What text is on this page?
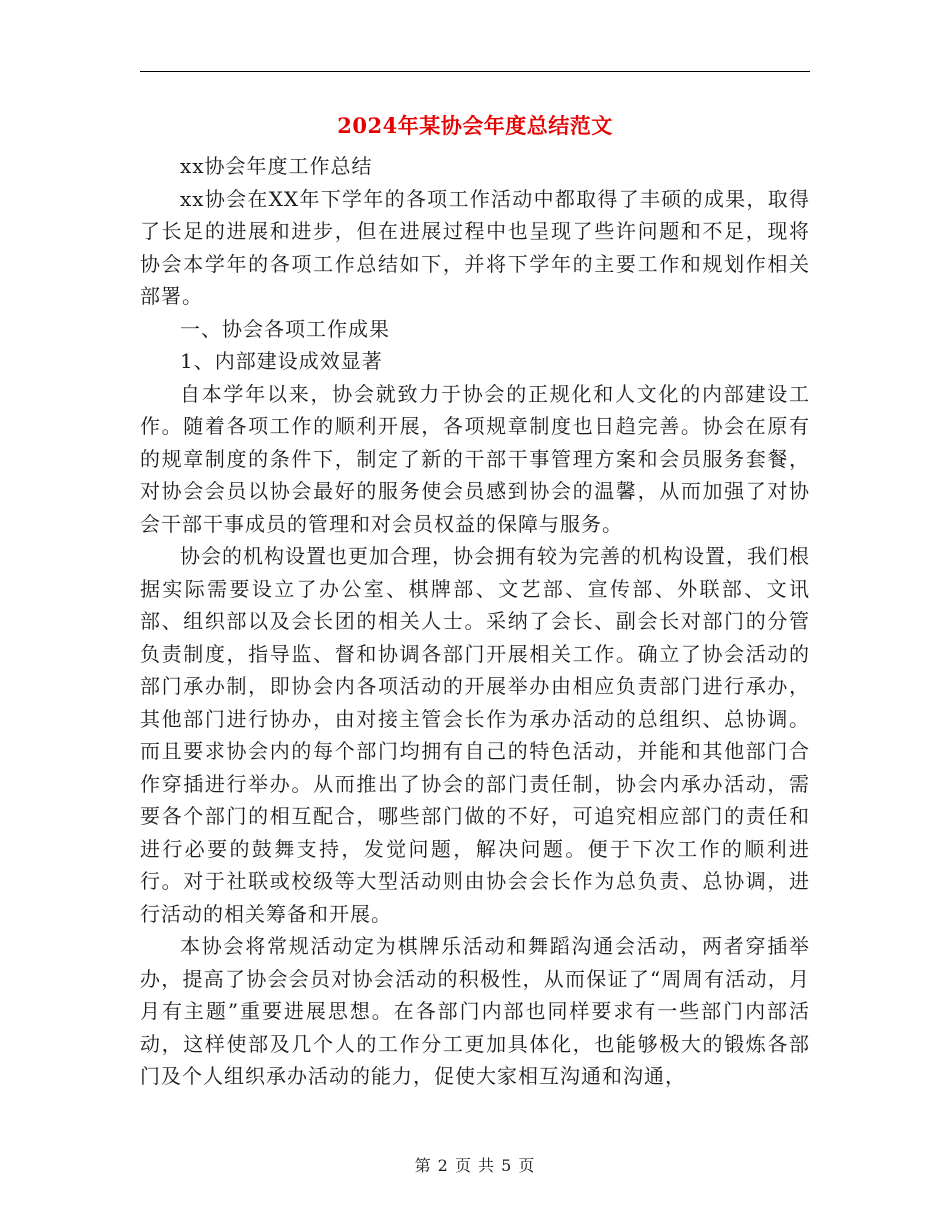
2024年某协会年度总结范文

xx协会年度工作总结

xx协会在XX年下学年的各项工作活动中都取得了丰硕的成果，取得了长足的进展和进步，但在进展过程中也呈现了些许问题和不足，现将协会本学年的各项工作总结如下，并将下学年的主要工作和规划作相关部署。

一、协会各项工作成果

1、内部建设成效显著

自本学年以来，协会就致力于协会的正规化和人文化的内部建设工作。随着各项工作的顺利开展，各项规章制度也日趋完善。协会在原有的规章制度的条件下，制定了新的干部干事管理方案和会员服务套餐，对协会会员以协会最好的服务使会员感到协会的温馨，从而加强了对协会干部干事成员的管理和对会员权益的保障与服务。

协会的机构设置也更加合理，协会拥有较为完善的机构设置，我们根据实际需要设立了办公室、棋牌部、文艺部、宣传部、外联部、文讯部、组织部以及会长团的相关人士。采纳了会长、副会长对部门的分管负责制度，指导监、督和协调各部门开展相关工作。确立了协会活动的部门承办制，即协会内各项活动的开展举办由相应负责部门进行承办，其他部门进行协办，由对接主管会长作为承办活动的总组织、总协调。而且要求协会内的每个部门均拥有自己的特色活动，并能和其他部门合作穿插进行举办。从而推出了协会的部门责任制，协会内承办活动，需要各个部门的相互配合，哪些部门做的不好，可追究相应部门的责任和进行必要的鼓舞支持，发觉问题，解决问题。便于下次工作的顺利进行。对于社联或校级等大型活动则由协会会长作为总负责、总协调，进行活动的相关筹备和开展。

本协会将常规活动定为棋牌乐活动和舞蹈沟通会活动，两者穿插举办，提高了协会会员对协会活动的积极性，从而保证了“周周有活动，月月有主题”重要进展思想。在各部门内部也同样要求有一些部门内部活动，这样使部及几个人的工作分工更加具体化，也能够极大的锻炼各部门及个人组织承办活动的能力，促使大家相互沟通和沟通，

第 2 页 共 5 页
